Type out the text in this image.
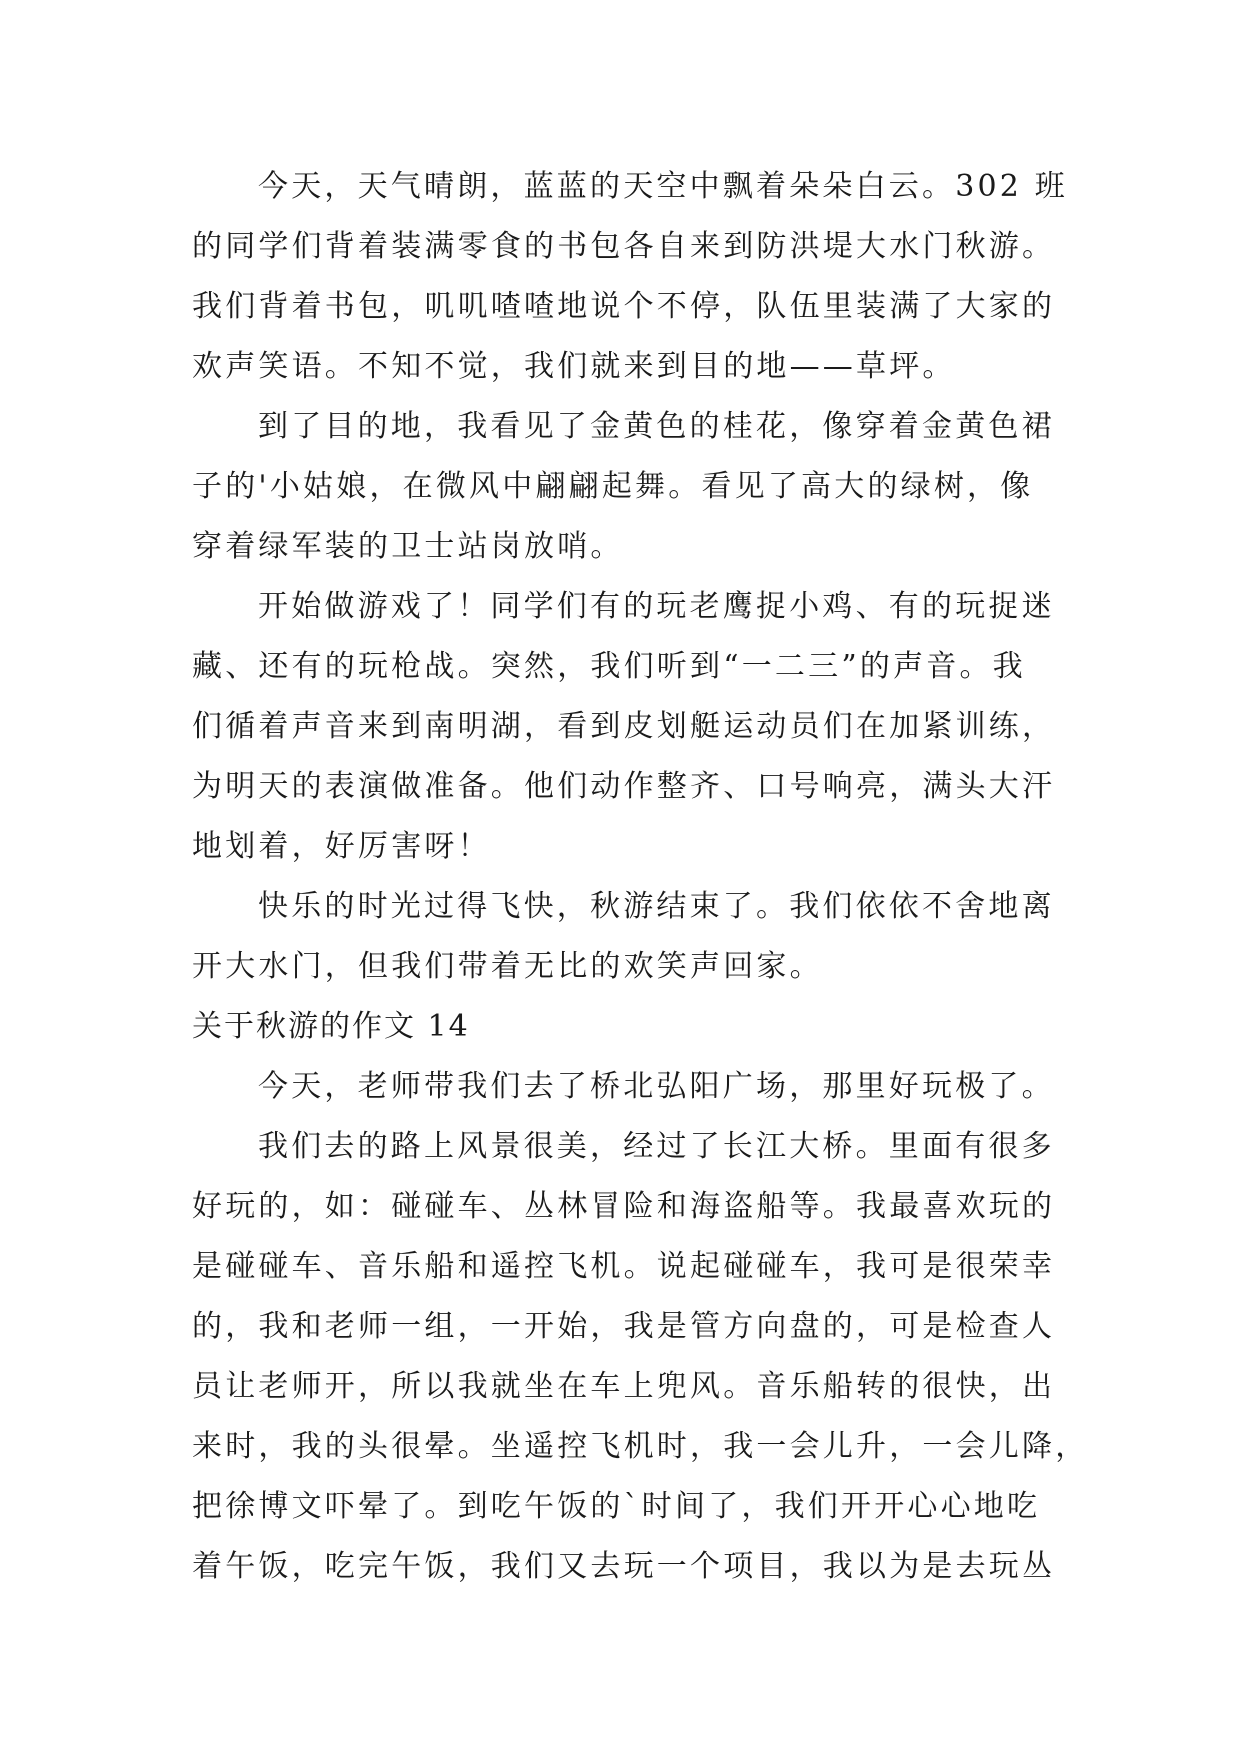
今天，天气晴朗，蓝蓝的天空中飘着朵朵白云。302 班
的同学们背着装满零食的书包各自来到防洪堤大水门秋游。
我们背着书包，叽叽喳喳地说个不停，队伍里装满了大家的
欢声笑语。不知不觉，我们就来到目的地——草坪。
到了目的地，我看见了金黄色的桂花，像穿着金黄色裙
子的'小姑娘，在微风中翩翩起舞。看见了高大的绿树，像
穿着绿军装的卫士站岗放哨。
开始做游戏了！同学们有的玩老鹰捉小鸡、有的玩捉迷
藏、还有的玩枪战。突然，我们听到“一二三”的声音。我
们循着声音来到南明湖，看到皮划艇运动员们在加紧训练，
为明天的表演做准备。他们动作整齐、口号响亮，满头大汗
地划着，好厉害呀！
快乐的时光过得飞快，秋游结束了。我们依依不舍地离
开大水门，但我们带着无比的欢笑声回家。
关于秋游的作文 14
今天，老师带我们去了桥北弘阳广场，那里好玩极了。
我们去的路上风景很美，经过了长江大桥。里面有很多
好玩的，如：碰碰车、丛林冒险和海盗船等。我最喜欢玩的
是碰碰车、音乐船和遥控飞机。说起碰碰车，我可是很荣幸
的，我和老师一组，一开始，我是管方向盘的，可是检查人
员让老师开，所以我就坐在车上兜风。音乐船转的很快，出
来时，我的头很晕。坐遥控飞机时，我一会儿升，一会儿降，
把徐博文吓晕了。到吃午饭的`时间了，我们开开心心地吃
着午饭，吃完午饭，我们又去玩一个项目，我以为是去玩丛
